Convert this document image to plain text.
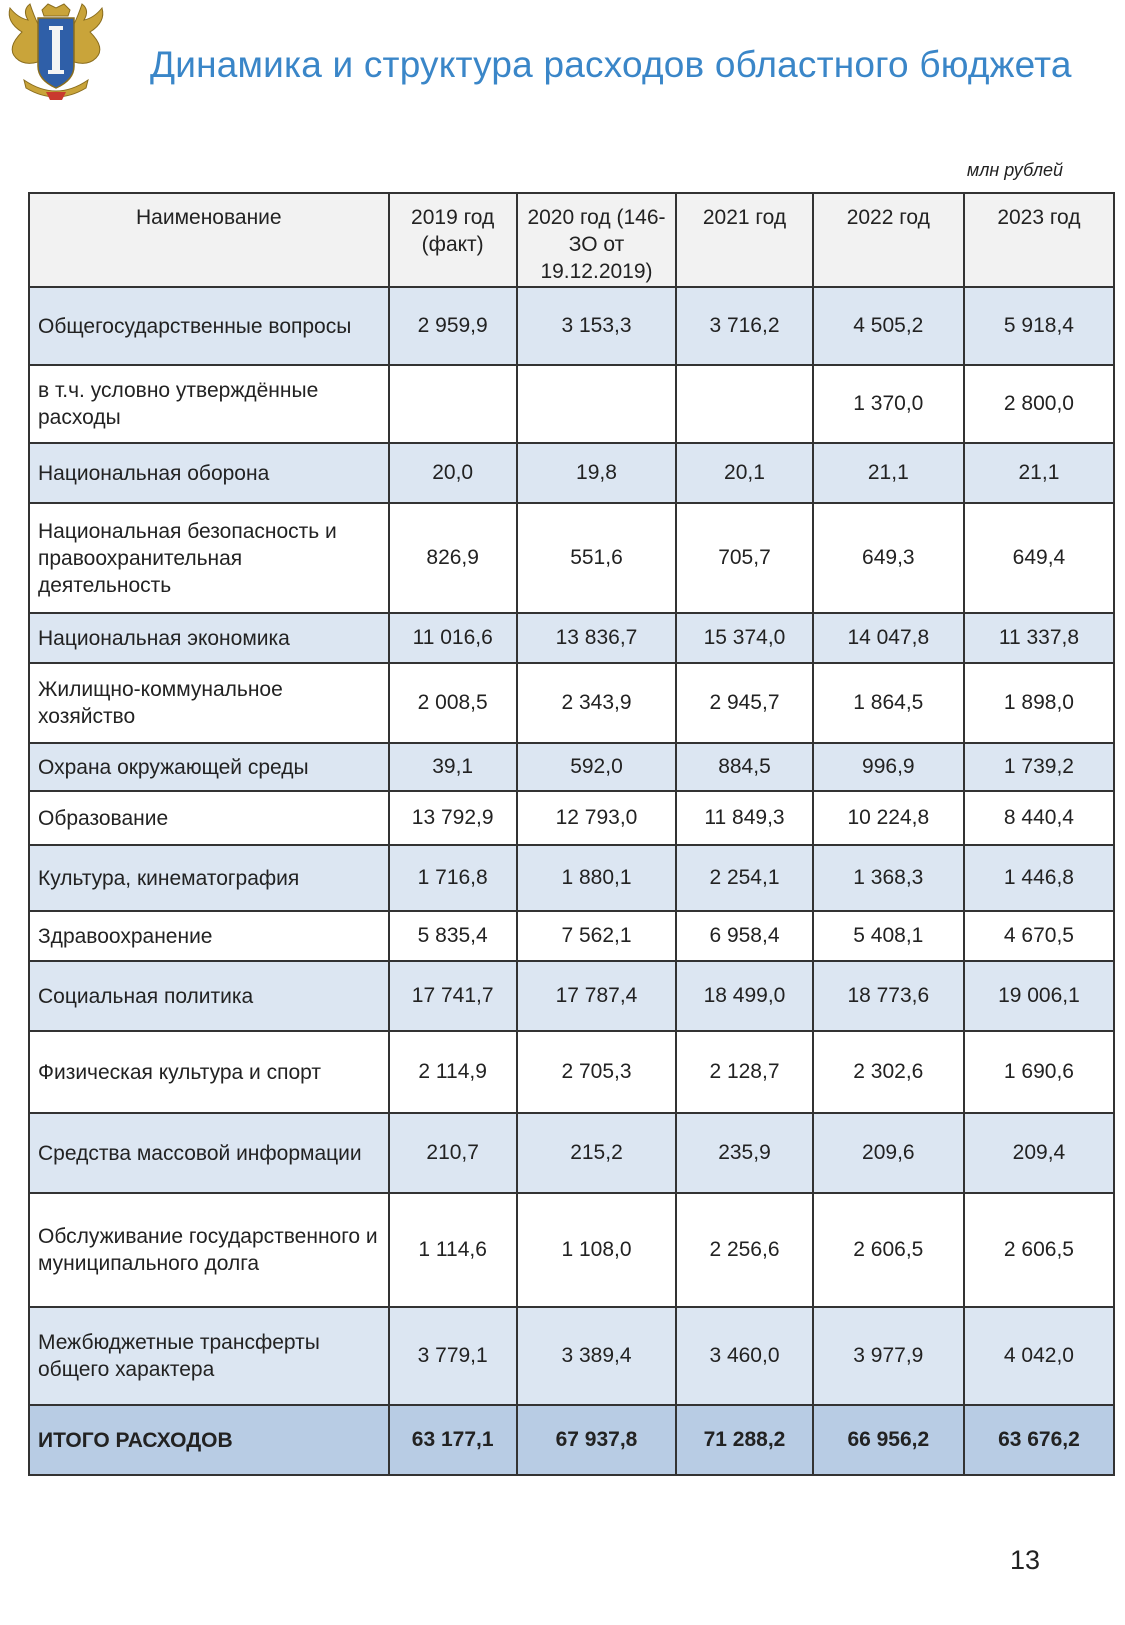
Динамика и структура расходов областного бюджета
млн рублей
Наименование	2019 год (факт)	2020 год (146-ЗО от 19.12.2019)	2021 год	2022 год	2023 год
Общегосударственные вопросы	2 959,9	3 153,3	3 716,2	4 505,2	5 918,4
в т.ч. условно утверждённые расходы				1 370,0	2 800,0
Национальная оборона	20,0	19,8	20,1	21,1	21,1
Национальная безопасность и правоохранительная деятельность	826,9	551,6	705,7	649,3	649,4
Национальная экономика	11 016,6	13 836,7	15 374,0	14 047,8	11 337,8
Жилищно-коммунальное хозяйство	2 008,5	2 343,9	2 945,7	1 864,5	1 898,0
Охрана окружающей среды	39,1	592,0	884,5	996,9	1 739,2
Образование	13 792,9	12 793,0	11 849,3	10 224,8	8 440,4
Культура, кинематография	1 716,8	1 880,1	2 254,1	1 368,3	1 446,8
Здравоохранение	5 835,4	7 562,1	6 958,4	5 408,1	4 670,5
Социальная политика	17 741,7	17 787,4	18 499,0	18 773,6	19 006,1
Физическая культура и спорт	2 114,9	2 705,3	2 128,7	2 302,6	1 690,6
Средства массовой информации	210,7	215,2	235,9	209,6	209,4
Обслуживание государственного и муниципального долга	1 114,6	1 108,0	2 256,6	2 606,5	2 606,5
Межбюджетные трансферты общего характера	3 779,1	3 389,4	3 460,0	3 977,9	4 042,0
ИТОГО РАСХОДОВ	63 177,1	67 937,8	71 288,2	66 956,2	63 676,2
13
